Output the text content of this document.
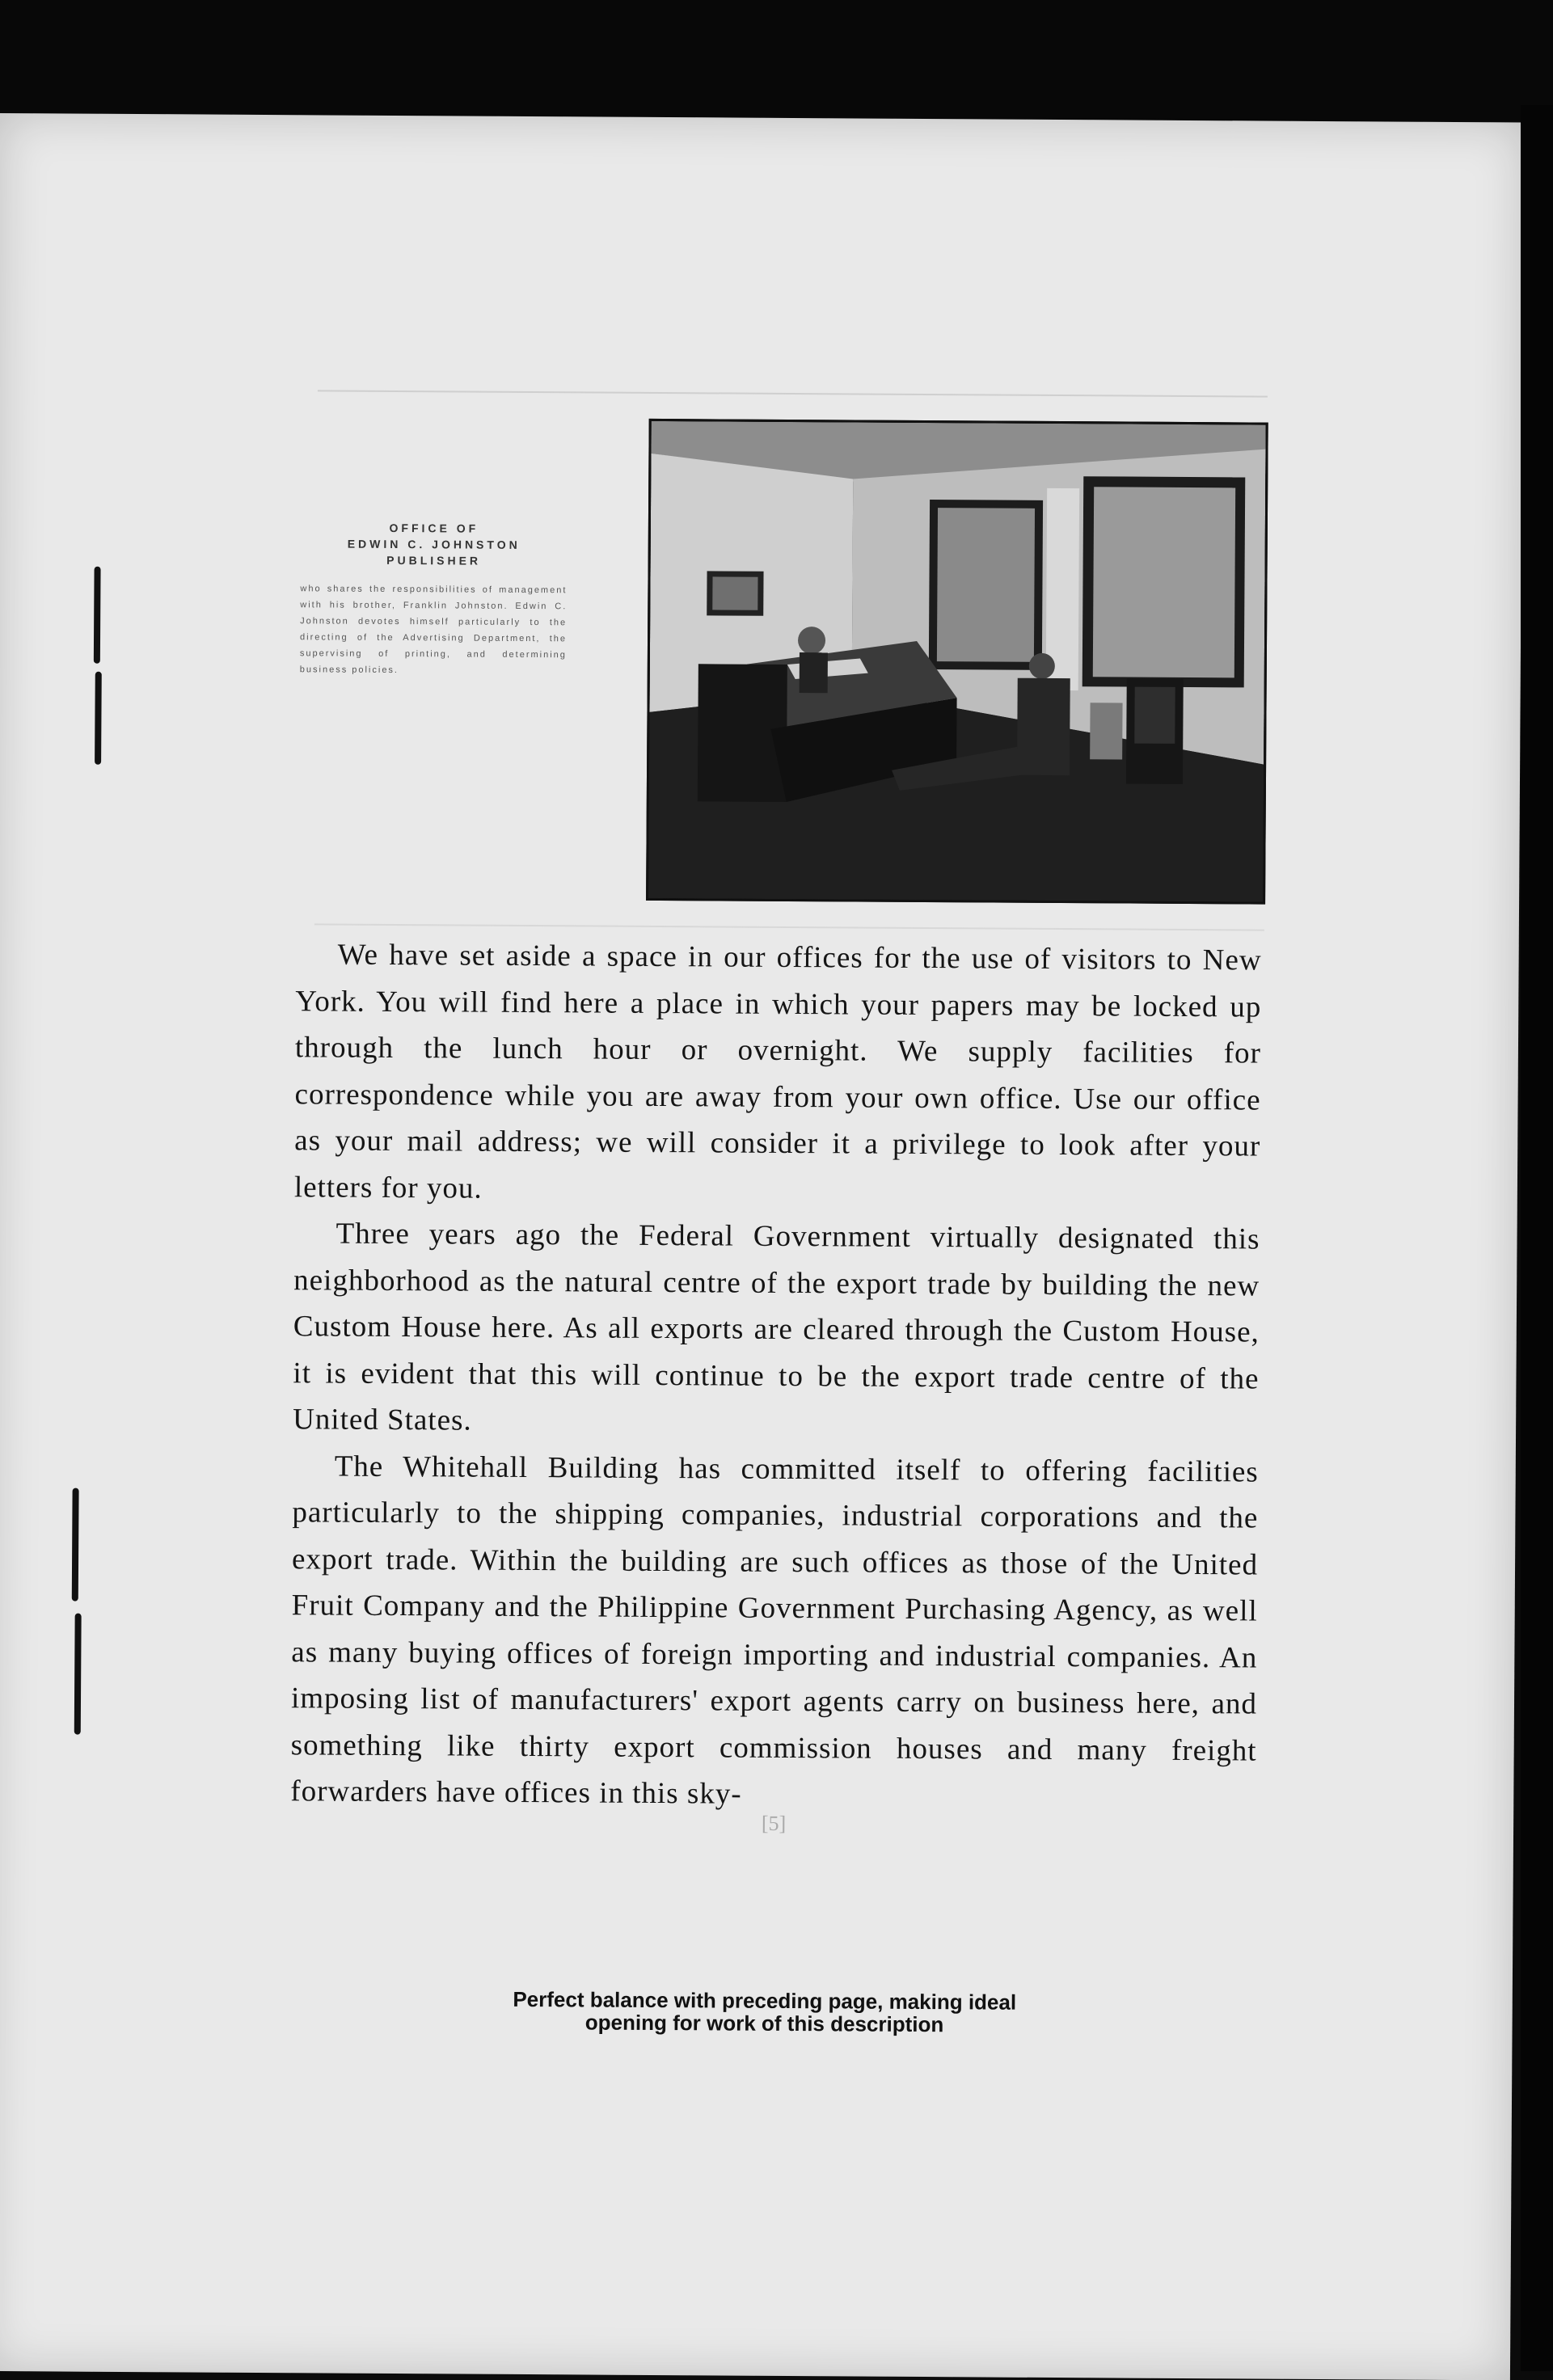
OFFICE OF
EDWIN C. JOHNSTON
PUBLISHER
who shares the responsibilities of management with his brother, Franklin Johnston. Edwin C. Johnston devotes himself particularly to the directing of the Advertising Department, the supervising of printing, and determining business policies.

We have set aside a space in our offices for the use of visitors to New York. You will find here a place in which your papers may be locked up through the lunch hour or overnight. We supply facilities for correspondence while you are away from your own office. Use our office as your mail address; we will consider it a privilege to look after your letters for you.

Three years ago the Federal Government virtually designated this neighborhood as the natural centre of the export trade by building the new Custom House here. As all exports are cleared through the Custom House, it is evident that this will continue to be the export trade centre of the United States.

The Whitehall Building has committed itself to offering facilities particularly to the shipping companies, industrial corporations and the export trade. Within the building are such offices as those of the United Fruit Company and the Philippine Government Purchasing Agency, as well as many buying offices of foreign importing and industrial companies. An imposing list of manufacturers' export agents carry on business here, and something like thirty export commission houses and many freight forwarders have offices in this sky-

[5]
Perfect balance with preceding page, making ideal opening for work of this description
